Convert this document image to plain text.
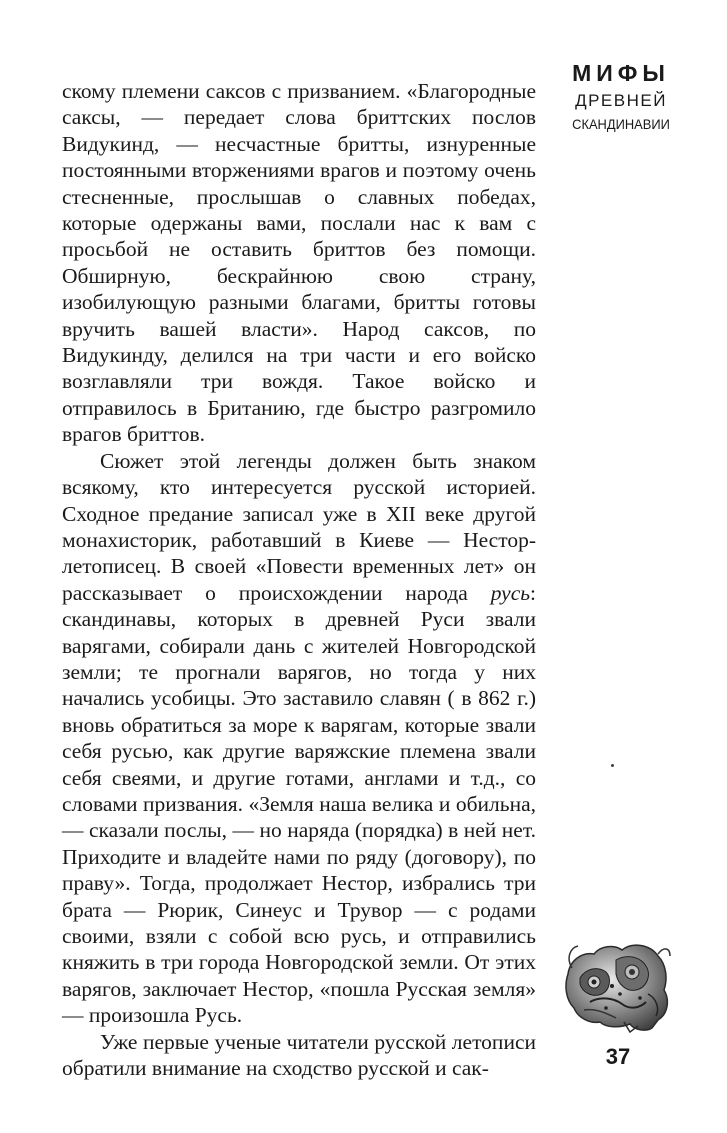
скому племени саксов с призванием. «Благородные саксы, — передает слова бриттских послов Видукинд, — несчастные бритты, изнуренные постоянными вторжениями врагов и поэтому очень стесненные, прослышав о славных победах, которые одержаны вами, послали нас к вам с просьбой не оставить бриттов без помощи. Обширную, бескрайнюю свою страну, изобилующую разными благами, бритты готовы вручить вашей власти». Народ саксов, по Видукинду, делился на три части и его войско возглавляли три вождя. Такое войско и отправилось в Британию, где быстро разгромило врагов бриттов.

Сюжет этой легенды должен быть знаком всякому, кто интересуется русской историей. Сходное предание записал уже в XII веке другой монахисторик, работавший в Киеве — Нестор-летописец. В своей «Повести временных лет» он рассказывает о происхождении народа русь: скандинавы, которых в древней Руси звали варягами, собирали дань с жителей Новгородской земли; те прогнали варягов, но тогда у них начались усобицы. Это заставило славян ( в 862 г.) вновь обратиться за море к варягам, которые звали себя русью, как другие варяжские племена звали себя свеями, и другие готами, англами и т.д., со словами призвания. «Земля наша велика и обильна, — сказали послы, — но наряда (порядка) в ней нет. Приходите и владейте нами по ряду (договору), по праву». Тогда, продолжает Нестор, избрались три брата — Рюрик, Синеус и Трувор — с родами своими, взяли с собой всю русь, и отправились княжить в три города Новгородской земли. От этих варягов, заключает Нестор, «пошла Русская земля» — произошла Русь.

Уже первые ученые читатели русской летописи обратили внимание на сходство русской и сак-

МИФЫ
ДРЕВНЕЙ
СКАНДИНАВИИ
37
